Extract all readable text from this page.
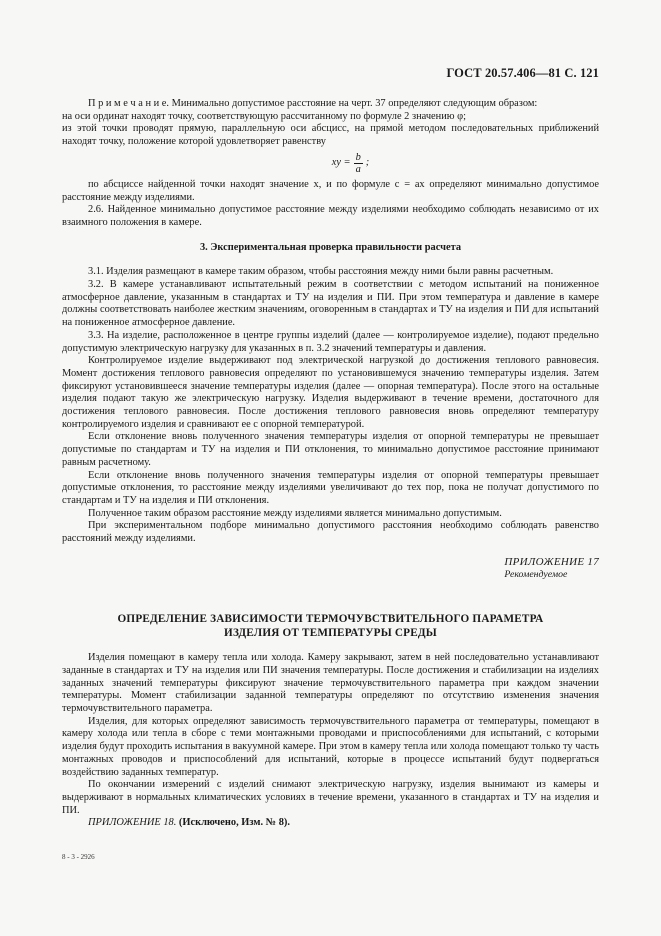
ГОСТ 20.57.406—81 С. 121

П р и м е ч а н и е. Минимально допустимое расстояние на черт. 37 определяют следующим образом:

на оси ординат находят точку, соответствующую рассчитанному по формуле 2 значению φ;

из этой точки проводят прямую, параллельную оси абсцисс, на прямой методом последовательных приближений находят точку, положение которой удовлетворяет равенству

xy = $\frac{b}{a}$ ;

по абсциссе найденной точки находят значение x, и по формуле c = ax определяют минимально допустимое расстояние между изделиями.

2.6. Найденное минимально допустимое расстояние между изделиями необходимо соблюдать независимо от их взаимного положения в камере.

3. Экспериментальная проверка правильности расчета

3.1. Изделия размещают в камере таким образом, чтобы расстояния между ними были равны расчетным.

3.2. В камере устанавливают испытательный режим в соответствии с методом испытаний на пониженное атмосферное давление, указанным в стандартах и ТУ на изделия и ПИ. При этом температура и давление в камере должны соответствовать наиболее жестким значениям, оговоренным в стандартах и ТУ на изделия и ПИ для испытаний на пониженное атмосферное давление.

3.3. На изделие, расположенное в центре группы изделий (далее — контролируемое изделие), подают предельно допустимую электрическую нагрузку для указанных в п. 3.2 значений температуры и давления.

Контролируемое изделие выдерживают под электрической нагрузкой до достижения теплового равновесия. Момент достижения теплового равновесия определяют по установившемуся значению температуры изделия. Затем фиксируют установившееся значение температуры изделия (далее — опорная температура). После этого на остальные изделия подают такую же электрическую нагрузку. Изделия выдерживают в течение времени, достаточного для достижения теплового равновесия. После достижения теплового равновесия вновь определяют температуру контролируемого изделия и сравнивают ее с опорной температурой.

Если отклонение вновь полученного значения температуры изделия от опорной температуры не превышает допустимые по стандартам и ТУ на изделия и ПИ отклонения, то минимально допустимое расстояние принимают равным расчетному.

Если отклонение вновь полученного значения температуры изделия от опорной температуры превышает допустимые отклонения, то расстояние между изделиями увеличивают до тех пор, пока не получат допустимого по стандартам и ТУ на изделия и ПИ отклонения.

Полученное таким образом расстояние между изделиями является минимально допустимым.

При экспериментальном подборе минимально допустимого расстояния необходимо соблюдать равенство расстояний между изделиями.

ПРИЛОЖЕНИЕ 17
Рекомендуемое
ОПРЕДЕЛЕНИЕ ЗАВИСИМОСТИ ТЕРМОЧУВСТВИТЕЛЬНОГО ПАРАМЕТРА
ИЗДЕЛИЯ ОТ ТЕМПЕРАТУРЫ СРЕДЫ

Изделия помещают в камеру тепла или холода. Камеру закрывают, затем в ней последовательно устанавливают заданные в стандартах и ТУ на изделия или ПИ значения температуры. После достижения и стабилизации на изделиях заданных значений температуры фиксируют значение термочувствительного параметра при каждом значении температуры. Момент стабилизации заданной температуры определяют по отсутствию изменения значения термочувствительного параметра.

Изделия, для которых определяют зависимость термочувствительного параметра от температуры, помещают в камеру холода или тепла в сборе с теми монтажными проводами и приспособлениями для испытаний, с которыми изделия будут проходить испытания в вакуумной камере. При этом в камеру тепла или холода помещают только ту часть монтажных проводов и приспособлений для испытаний, которые в процессе испытаний будут подвергаться воздействию заданных температур.

По окончании измерений с изделий снимают электрическую нагрузку, изделия вынимают из камеры и выдерживают в нормальных климатических условиях в течение времени, указанного в стандартах и ТУ на изделия и ПИ.

ПРИЛОЖЕНИЕ 18. (Исключено, Изм. № 8).

8 - 3 - 2926
